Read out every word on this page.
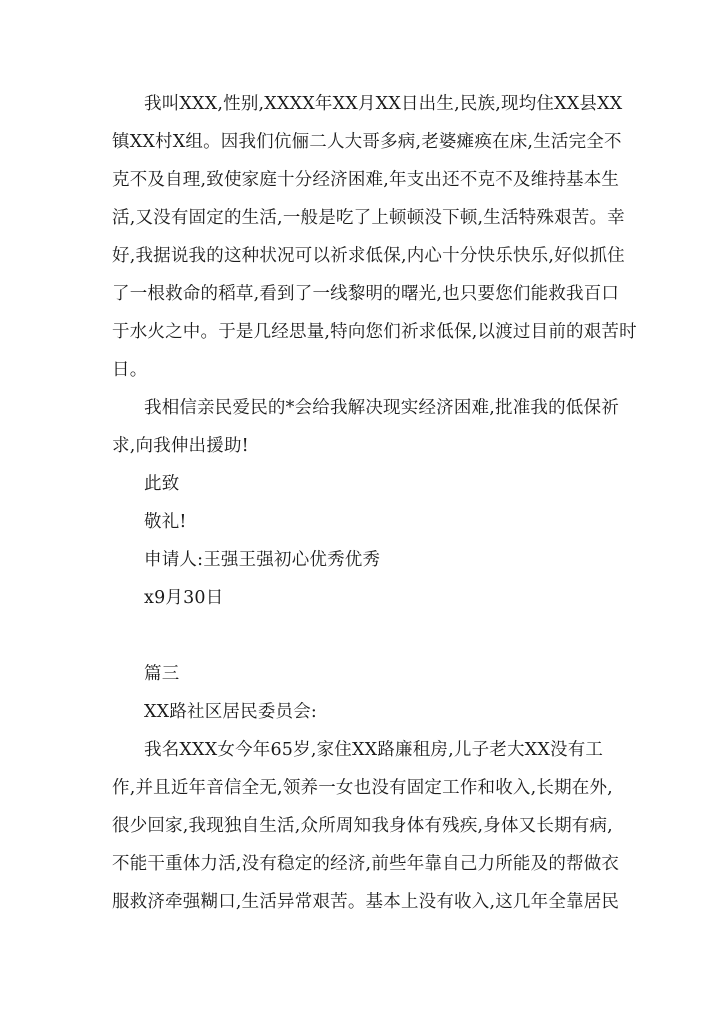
我叫XXX,性别,XXXX年XX月XX日出生,民族,现均住XX县XX
镇XX村X组。因我们伉俪二人大哥多病,老婆瘫痪在床,生活完全不
克不及自理,致使家庭十分经济困难,年支出还不克不及维持基本生
活,又没有固定的生活,一般是吃了上顿顿没下顿,生活特殊艰苦。幸
好,我据说我的这种状况可以祈求低保,内心十分快乐快乐,好似抓住
了一根救命的稻草,看到了一线黎明的曙光,也只要您们能救我百口
于水火之中。于是几经思量,特向您们祈求低保,以渡过目前的艰苦时
日。
我相信亲民爱民的*会给我解决现实经济困难,批准我的低保祈
求,向我伸出援助!
此致
敬礼!
申请人:王强王强初心优秀优秀
x9月30日
篇三
XX路社区居民委员会:
我名XXX女今年65岁,家住XX路廉租房,儿子老大XX没有工
作,并且近年音信全无,领养一女也没有固定工作和收入,长期在外,
很少回家,我现独自生活,众所周知我身体有残疾,身体又长期有病,
不能干重体力活,没有稳定的经济,前些年靠自己力所能及的帮做衣
服救济牵强糊口,生活异常艰苦。基本上没有收入,这几年全靠居民
